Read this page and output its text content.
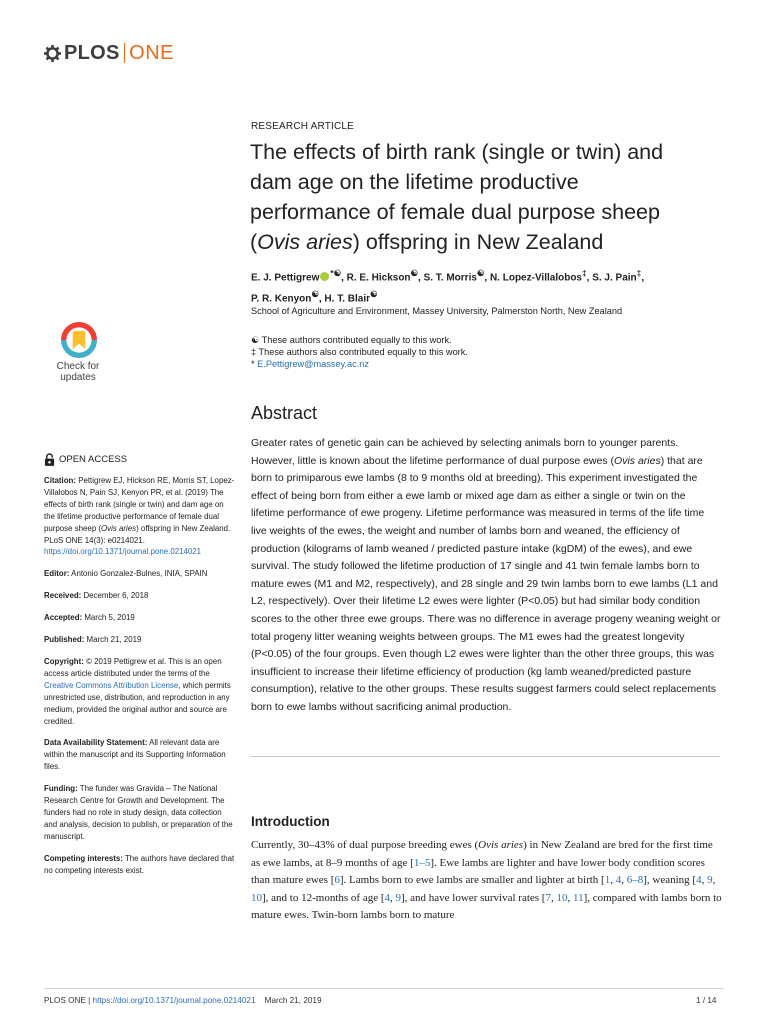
PLOS ONE
RESEARCH ARTICLE
The effects of birth rank (single or twin) and
dam age on the lifetime productive
performance of female dual purpose sheep
(Ovis aries) offspring in New Zealand
E. J. Pettigrew *☯, R. E. Hickson☯, S. T. Morris☯, N. Lopez-Villalobos‡, S. J. Pain‡,
P. R. Kenyon☯, H. T. Blair☯
School of Agriculture and Environment, Massey University, Palmerston North, New Zealand
☯ These authors contributed equally to this work.
‡ These authors also contributed equally to this work.
* E.Pettigrew@massey.ac.nz
Check for
updates
OPEN ACCESS

Citation: Pettigrew EJ, Hickson RE, Morris ST, Lopez-Villalobos N, Pain SJ, Kenyon PR, et al. (2019) The effects of birth rank (single or twin) and dam age on the lifetime productive performance of female dual purpose sheep (Ovis aries) offspring in New Zealand. PLoS ONE 14(3): e0214021. https://doi.org/10.1371/journal.pone.0214021

Editor: Antonio Gonzalez-Bulnes, INIA, SPAIN

Received: December 6, 2018

Accepted: March 5, 2019

Published: March 21, 2019

Copyright: © 2019 Pettigrew et al. This is an open access article distributed under the terms of the Creative Commons Attribution License, which permits unrestricted use, distribution, and reproduction in any medium, provided the original author and source are credited.

Data Availability Statement: All relevant data are within the manuscript and its Supporting Information files.

Funding: The funder was Gravida – The National Research Centre for Growth and Development. The funders had no role in study design, data collection and analysis, decision to publish, or preparation of the manuscript.

Competing interests: The authors have declared that no competing interests exist.

Abstract

Greater rates of genetic gain can be achieved by selecting animals born to younger parents. However, little is known about the lifetime performance of dual purpose ewes (Ovis aries) that are born to primiparous ewe lambs (8 to 9 months old at breeding). This experiment investigated the effect of being born from either a ewe lamb or mixed age dam as either a single or twin on the lifetime performance of ewe progeny. Lifetime performance was measured in terms of the life time live weights of the ewes, the weight and number of lambs born and weaned, the efficiency of production (kilograms of lamb weaned / predicted pasture intake (kgDM) of the ewes), and ewe survival. The study followed the lifetime production of 17 single and 41 twin female lambs born to mature ewes (M1 and M2, respectively), and 28 single and 29 twin lambs born to ewe lambs (L1 and L2, respectively). Over their lifetime L2 ewes were lighter (P<0.05) but had similar body condition scores to the other three ewe groups. There was no difference in average progeny weaning weight or total progeny litter weaning weights between groups. The M1 ewes had the greatest longevity (P<0.05) of the four groups. Even though L2 ewes were lighter than the other three groups, this was insufficient to increase their lifetime efficiency of production (kg lamb weaned/predicted pasture consumption), relative to the other groups. These results suggest farmers could select replacements born to ewe lambs without sacrificing animal production.

Introduction

Currently, 30–43% of dual purpose breeding ewes (Ovis aries) in New Zealand are bred for the first time as ewe lambs, at 8–9 months of age [1–5]. Ewe lambs are lighter and have lower body condition scores than mature ewes [6]. Lambs born to ewe lambs are smaller and lighter at birth [1, 4, 6–8], weaning [4, 9, 10], and to 12-months of age [4, 9], and have lower survival rates [7, 10, 11], compared with lambs born to mature ewes. Twin-born lambs born to mature

PLOS ONE | https://doi.org/10.1371/journal.pone.0214021 March 21, 2019	1 / 14
